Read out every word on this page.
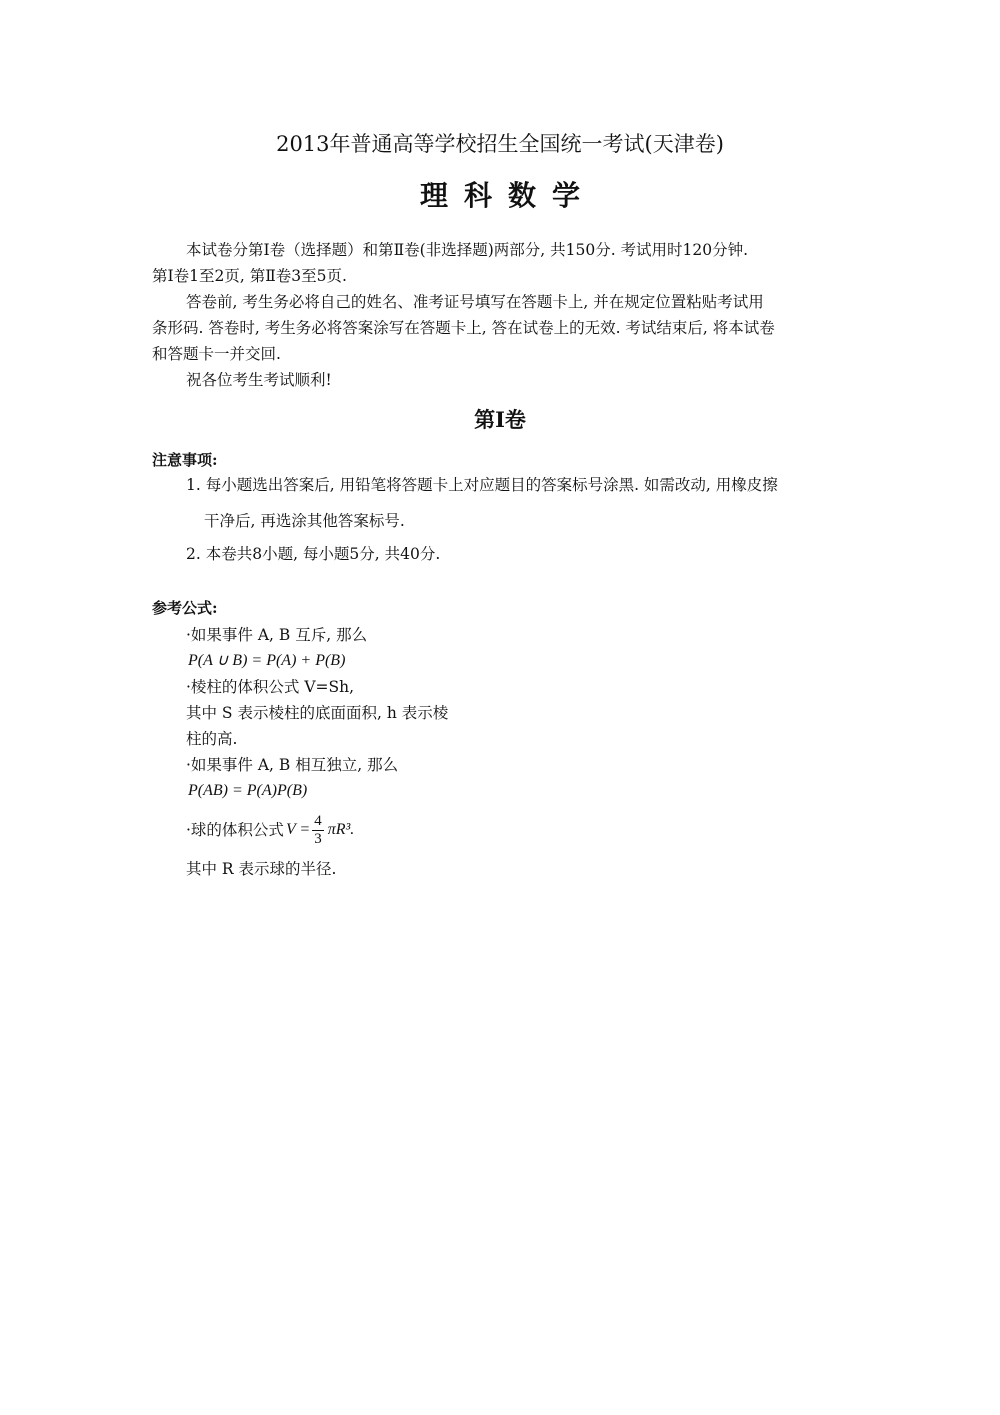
2013年普通高等学校招生全国统一考试(天津卷)
理科数学

本试卷分第Ⅰ卷（选择题）和第Ⅱ卷(非选择题)两部分, 共150分. 考试用时120分钟.

第Ⅰ卷1至2页, 第Ⅱ卷3至5页.

答卷前, 考生务必将自己的姓名、准考证号填写在答题卡上, 并在规定位置粘贴考试用

条形码. 答卷时, 考生务必将答案涂写在答题卡上, 答在试卷上的无效. 考试结束后, 将本试卷

和答题卡一并交回.

祝各位考生考试顺利!

第Ⅰ卷
注意事项:
1. 每小题选出答案后, 用铅笔将答题卡上对应题目的答案标号涂黑. 如需改动, 用橡皮擦
干净后, 再选涂其他答案标号.
2. 本卷共8小题, 每小题5分, 共40分.
参考公式:
·如果事件 A, B 互斥, 那么
P(A ∪ B) = P(A) + P(B)
·棱柱的体积公式 V=Sh,
其中 S 表示棱柱的底面面积, h 表示棱
柱的高.
·如果事件 A, B 相互独立, 那么
P(AB) = P(A)P(B)
·球的体积公式 $V = \frac{4}{3} \pi R^3$.
其中 R 表示球的半径.
